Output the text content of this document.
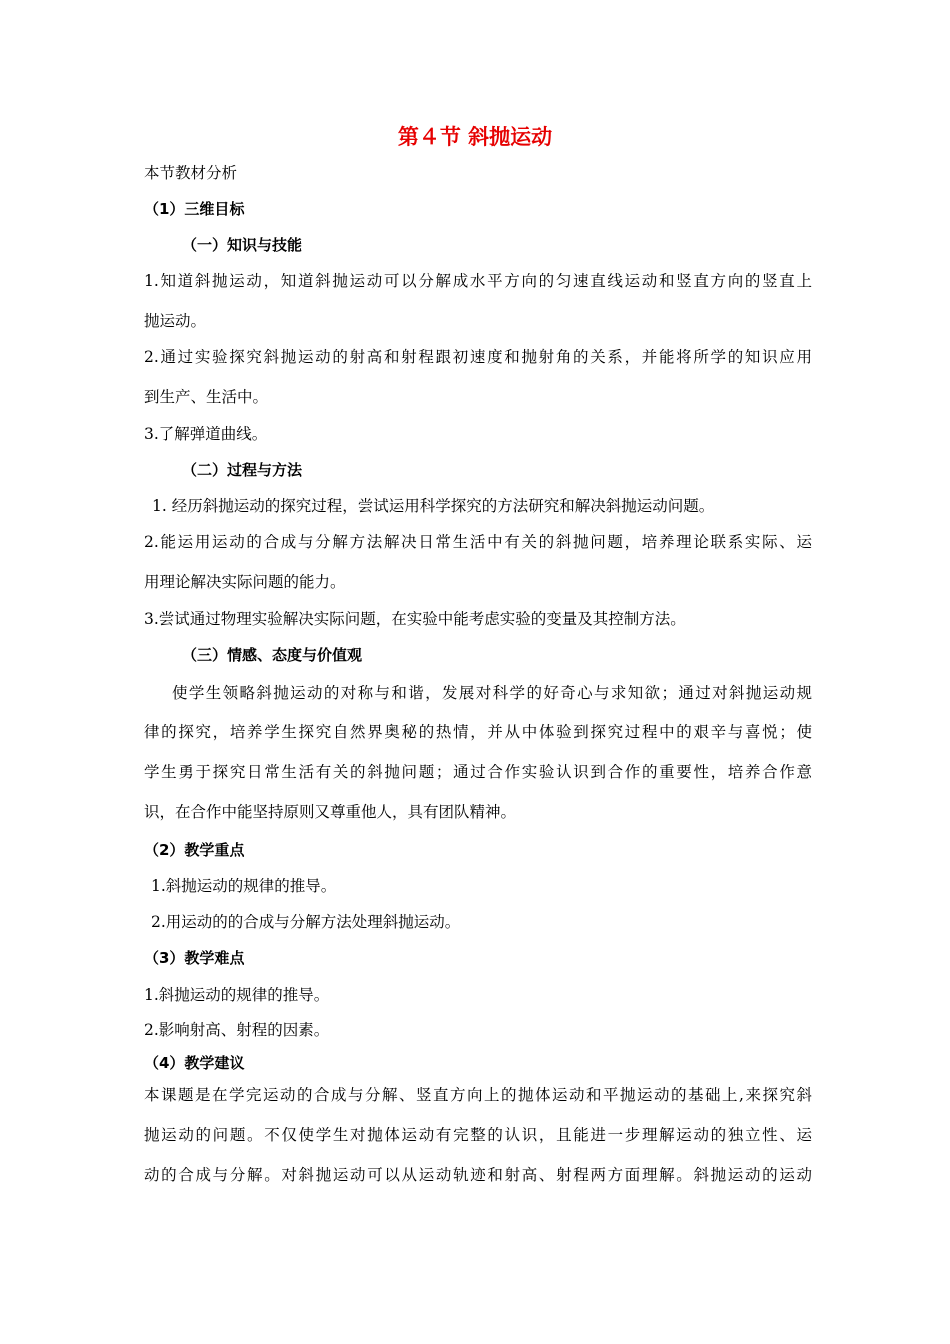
第４节 斜抛运动
本节教材分析
（1）三维目标
（一）知识与技能
1.知道斜抛运动，知道斜抛运动可以分解成水平方向的匀速直线运动和竖直方向的竖直上
抛运动。
2.通过实验探究斜抛运动的射高和射程跟初速度和抛射角的关系，并能将所学的知识应用
到生产、生活中。
3.了解弹道曲线。
（二）过程与方法
1. 经历斜抛运动的探究过程，尝试运用科学探究的方法研究和解决斜抛运动问题。
2.能运用运动的合成与分解方法解决日常生活中有关的斜抛问题，培养理论联系实际、运
用理论解决实际问题的能力。
3.尝试通过物理实验解决实际问题，在实验中能考虑实验的变量及其控制方法。
（三）情感、态度与价值观
使学生领略斜抛运动的对称与和谐，发展对科学的好奇心与求知欲；通过对斜抛运动规
律的探究，培养学生探究自然界奥秘的热情，并从中体验到探究过程中的艰辛与喜悦；使
学生勇于探究日常生活有关的斜抛问题；通过合作实验认识到合作的重要性，培养合作意
识，在合作中能坚持原则又尊重他人，具有团队精神。
（2）教学重点
1.斜抛运动的规律的推导。
2.用运动的的合成与分解方法处理斜抛运动。
（3）教学难点
1.斜抛运动的规律的推导。
2.影响射高、射程的因素。
（4）教学建议
本课题是在学完运动的合成与分解、竖直方向上的抛体运动和平抛运动的基础上,来探究斜
抛运动的问题。不仅使学生对抛体运动有完整的认识，且能进一步理解运动的独立性、运
动的合成与分解。对斜抛运动可以从运动轨迹和射高、射程两方面理解。斜抛运动的运动
